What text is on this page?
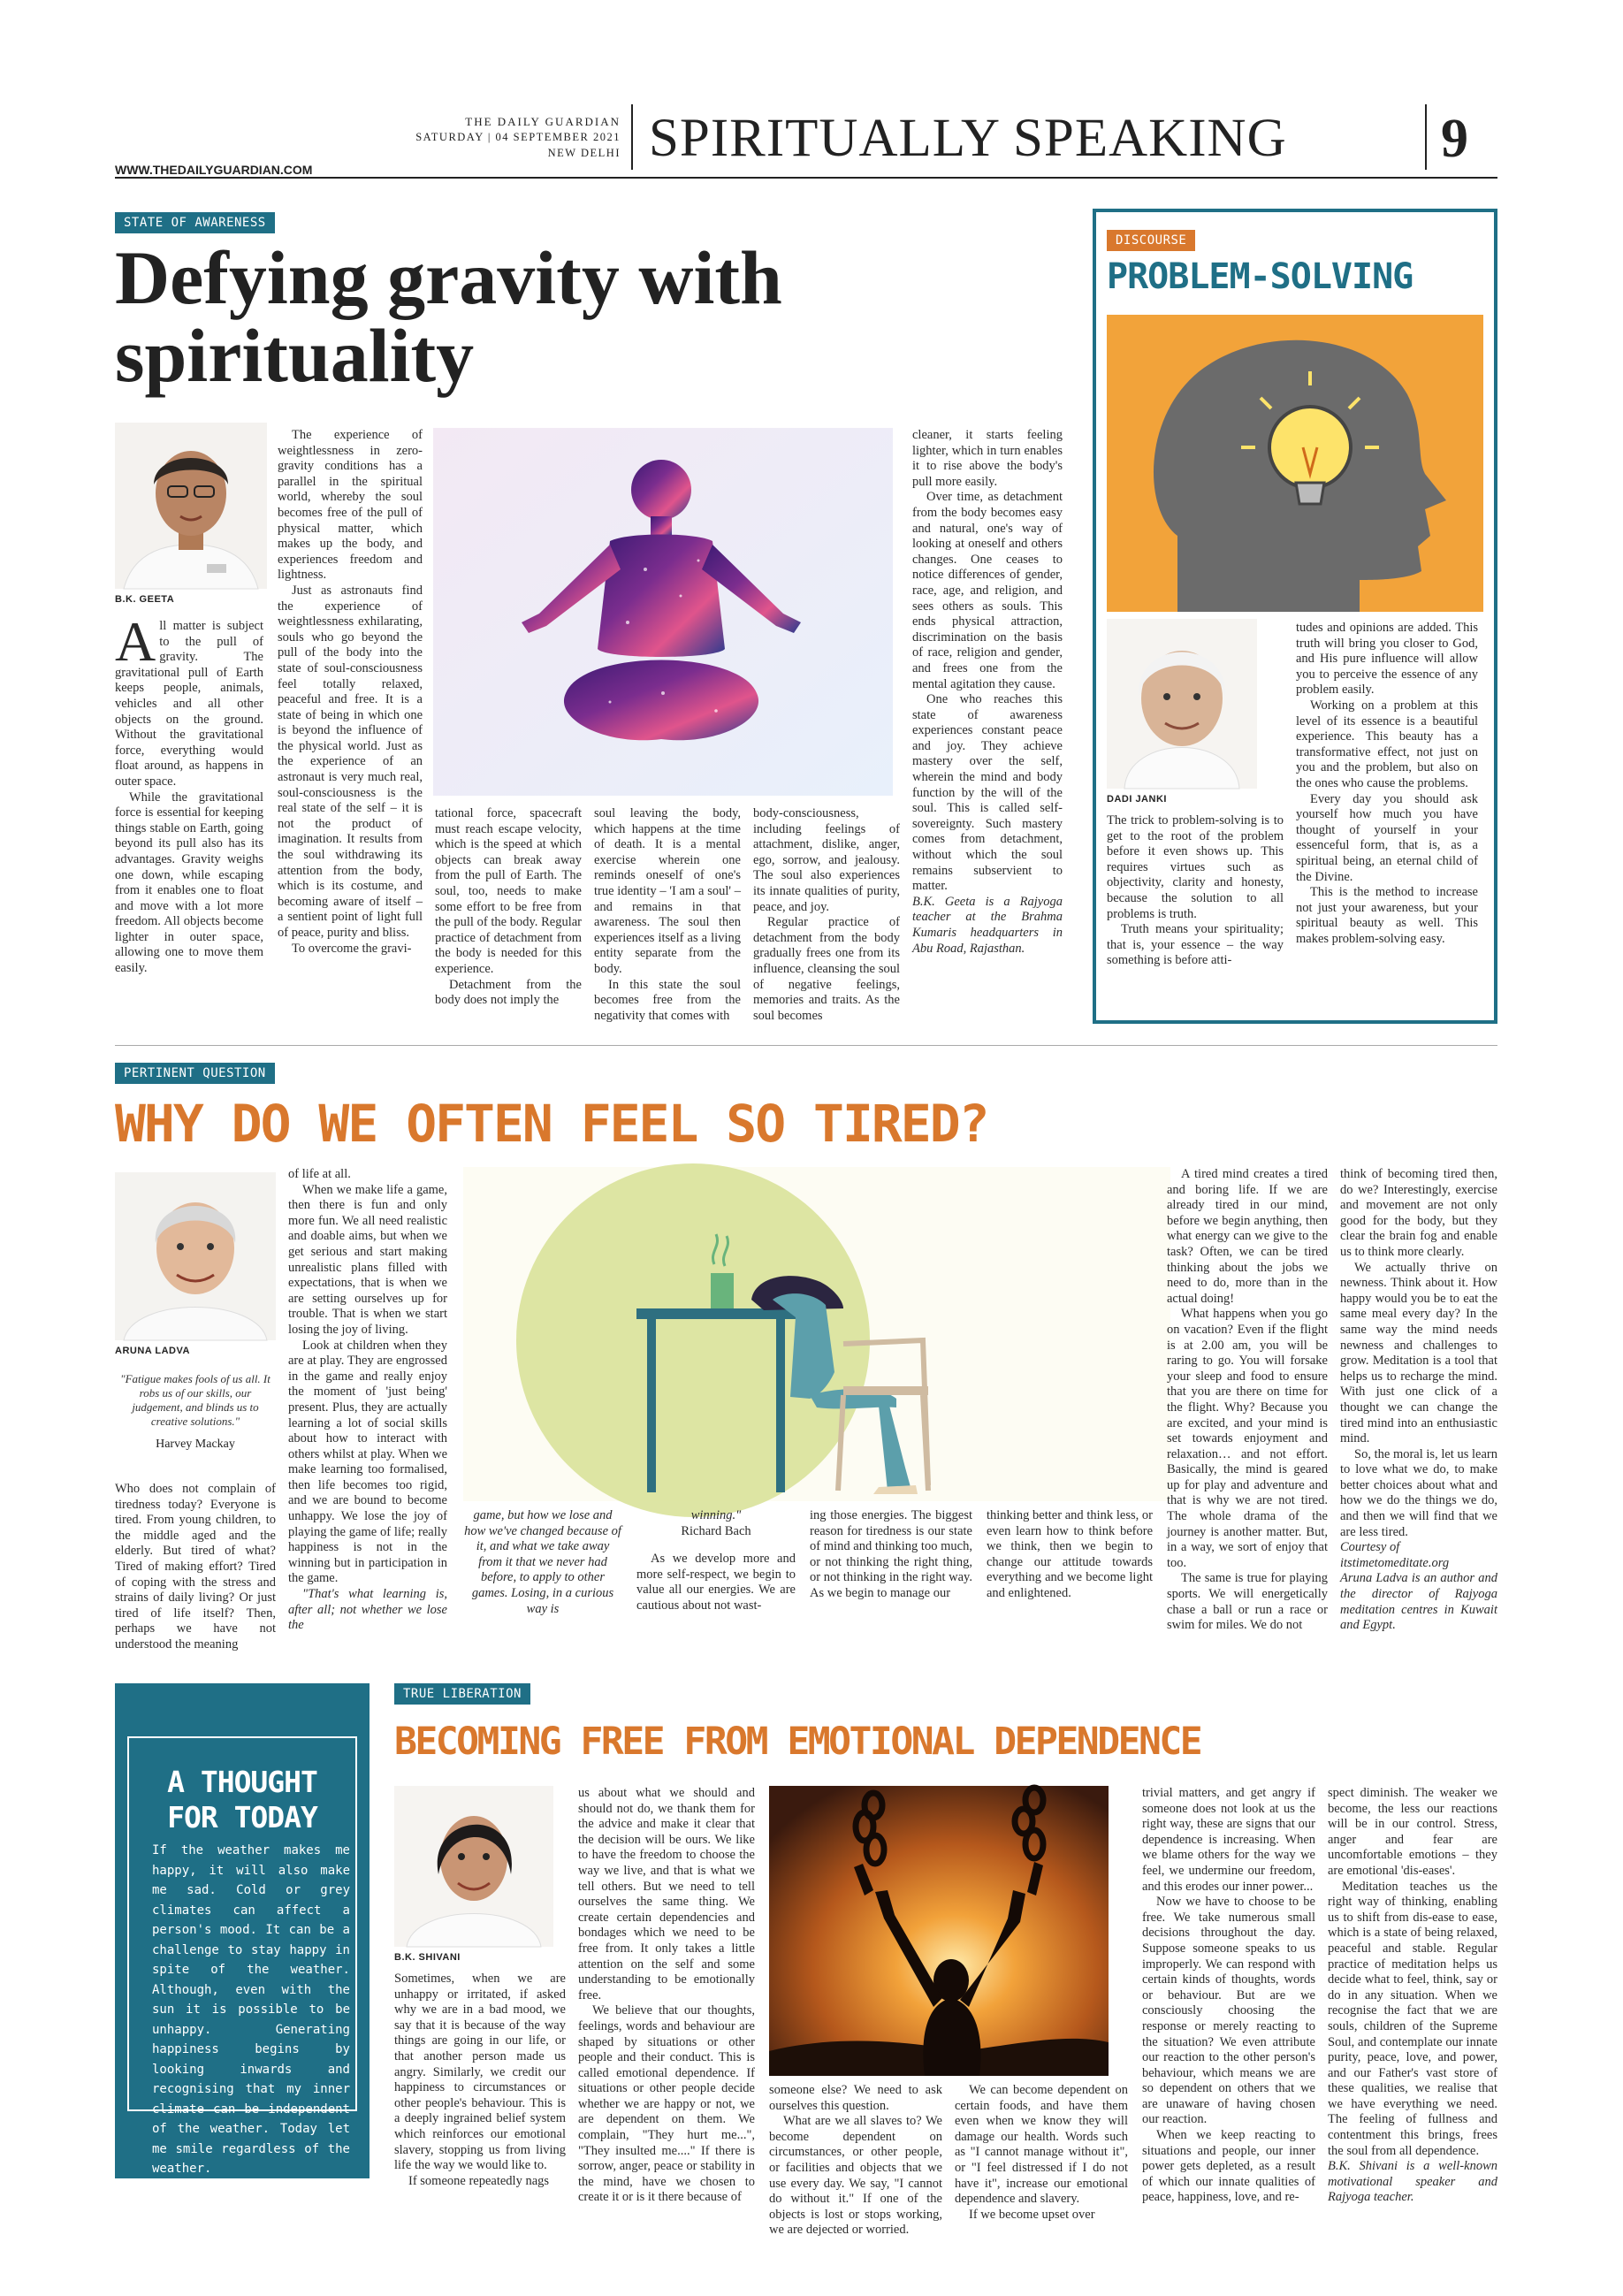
THE DAILY GUARDIAN
SATURDAY | 04 SEPTEMBER 2021
NEW DELHI SPIRITUALLY SPEAKING	9
WWW.THEDAILYGUARDIAN.COM
STATE OF AWARENESS
Defying gravity with
spirituality
B.K. GEETA
All matter is subject to the pull of gravity. The gravitational pull of Earth keeps people, animals, vehicles and all other objects on the ground. Without the gravitational force, everything would float around, as happens in outer space.

While the gravitational force is essential for keeping things stable on Earth, going beyond its pull also has its advantages. Gravity weighs one down, while escaping from it enables one to float and move with a lot more freedom. All objects become lighter in outer space, allowing one to move them easily.

The experience of weightlessness in zero-gravity conditions has a parallel in the spiritual world, whereby the soul becomes free of the pull of physical matter, which makes up the body, and experiences freedom and lightness.

Just as astronauts find the experience of weightlessness exhilarating, souls who go beyond the pull of the body into the state of soul-consciousness feel totally relaxed, peaceful and free. It is a state of being in which one is beyond the influence of the physical world. Just as the experience of an astronaut is very much real, soul-consciousness is the real state of the self – it is not the product of imagination. It results from the soul withdrawing its attention from the body, which is its costume, and becoming aware of itself – a sentient point of light full of peace, purity and bliss.

To overcome the gravi-

tational force, spacecraft must reach escape velocity, which is the speed at which objects can break away from the pull of Earth. The soul, too, needs to make some effort to be free from the pull of the body. Regular practice of detachment from the body is needed for this experience.

Detachment from the body does not imply the

soul leaving the body, which happens at the time of death. It is a mental exercise wherein one reminds oneself of one's true identity – 'I am a soul' – and remains in that awareness. The soul then experiences itself as a living entity separate from the body.

In this state the soul becomes free from the negativity that comes with

body-consciousness, including feelings of attachment, dislike, anger, ego, sorrow, and jealousy. The soul also experiences its innate qualities of purity, peace, and joy.

Regular practice of detachment from the body gradually frees one from its influence, cleansing the soul of negative feelings, memories and traits. As the soul becomes

cleaner, it starts feeling lighter, which in turn enables it to rise above the body's pull more easily.

Over time, as detachment from the body becomes easy and natural, one's way of looking at oneself and others changes. One ceases to notice differences of gender, race, age, and religion, and sees others as souls. This ends physical attraction, discrimination on the basis of race, religion and gender, and frees one from the mental agitation they cause.

One who reaches this state of awareness experiences constant peace and joy. They achieve mastery over the self, wherein the mind and body function by the will of the soul. This is called self-sovereignty. Such mastery comes from detachment, without which the soul remains subservient to matter.

B.K. Geeta is a Rajyoga teacher at the Brahma Kumaris headquarters in Abu Road, Rajasthan.

DISCOURSE
PROBLEM-SOLVING
DADI JANKI

The trick to problem-solving is to get to the root of the problem before it even shows up. This requires virtues such as objectivity, clarity and honesty, because the solution to all problems is truth.

Truth means your spirituality; that is, your essence – the way something is before atti-

tudes and opinions are added. This truth will bring you closer to God, and His pure influence will allow you to perceive the essence of any problem easily.

Working on a problem at this level of its essence is a beautiful experience. This beauty has a transformative effect, not just on you and the problem, but also on the ones who cause the problems.

Every day you should ask yourself how much you have thought of yourself in your essenceful form, that is, as a spiritual being, an eternal child of the Divine.

This is the method to increase not just your awareness, but your spiritual beauty as well. This makes problem-solving easy.

PERTINENT QUESTION
WHY DO WE OFTEN FEEL SO TIRED?
ARUNA LADVA
"Fatigue makes fools of us all. It robs us of our skills, our judgement, and blinds us to creative solutions."
Harvey Mackay

Who does not complain of tiredness today? Everyone is tired. From young children, to the middle aged and the elderly. But tired of what? Tired of making effort? Tired of coping with the stress and strains of daily living? Or just tired of life itself? Then, perhaps we have not understood the meaning

of life at all.

When we make life a game, then there is fun and only more fun. We all need realistic and doable aims, but when we get serious and start making unrealistic plans filled with expectations, that is when we are setting ourselves up for trouble. That is when we start losing the joy of living.

Look at children when they are at play. They are engrossed in the game and really enjoy the moment of 'just being' present. Plus, they are actually learning a lot of social skills about how to interact with others whilst at play. When we make learning too formalised, then life becomes too rigid, and we are bound to become unhappy. We lose the joy of playing the game of life; really happiness is not in the winning but in participation in the game.

"That's what learning is, after all; not whether we lose the

game, but how we lose and how we've changed because of it, and what we take away from it that we never had before, to apply to other games. Losing, in a curious way is

winning."

Richard Bach

As we develop more and more self-respect, we begin to value all our energies. We are cautious about not wast-

ing those energies. The biggest reason for tiredness is our state of mind and thinking too much, or not thinking the right thing, or not thinking in the right way. As we begin to manage our

thinking better and think less, or even learn how to think before we think, then we begin to change our attitude towards everything and we become light and enlightened.

A tired mind creates a tired and boring life. If we are already tired in our mind, before we begin anything, then what energy can we give to the task? Often, we can be tired thinking about the jobs we need to do, more than in the actual doing!

What happens when you go on vacation? Even if the flight is at 2.00 am, you will be raring to go. You will forsake your sleep and food to ensure that you are there on time for the flight. Why? Because you are excited, and your mind is set towards enjoyment and relaxation… and not effort. Basically, the mind is geared up for play and adventure and that is why we are not tired. The whole drama of the journey is another matter. But, in a way, we sort of enjoy that too.

The same is true for playing sports. We will energetically chase a ball or run a race or swim for miles. We do not

think of becoming tired then, do we? Interestingly, exercise and movement are not only good for the body, but they clear the brain fog and enable us to think more clearly.

We actually thrive on newness. Think about it. How happy would you be to eat the same meal every day? In the same way the mind needs newness and challenges to grow. Meditation is a tool that helps us to recharge the mind. With just one click of a thought we can change the tired mind into an enthusiastic mind.

So, the moral is, let us learn to love what we do, to make better choices about what and how we do the things we do, and then we will find that we are less tired.

Courtesy of

itstimetomeditate.org

Aruna Ladva is an author and the director of Rajyoga meditation centres in Kuwait and Egypt.

A THOUGHT
FOR TODAY
If the weather makes me happy, it will also make me sad. Cold or grey climates can affect a person's mood. It can be a challenge to stay happy in spite of the weather. Although, even with the sun it is possible to be unhappy. Generating happiness begins by looking inwards and recognising that my inner climate can be independent of the weather. Today let me smile regardless of the weather.
TRUE LIBERATION
BECOMING FREE FROM EMOTIONAL DEPENDENCE
B.K. SHIVANI

Sometimes, when we are unhappy or irritated, if asked why we are in a bad mood, we say that it is because of the way things are going in our life, or that another person made us angry. Similarly, we credit our happiness to circumstances or other people's behaviour. This is a deeply ingrained belief system which reinforces our emotional slavery, stopping us from living life the way we would like to.

If someone repeatedly nags

us about what we should and should not do, we thank them for the advice and make it clear that the decision will be ours. We like to have the freedom to choose the way we live, and that is what we tell others. But we need to tell ourselves the same thing. We create certain dependencies and bondages which we need to be free from. It only takes a little attention on the self and some understanding to be emotionally free.

We believe that our thoughts, feelings, words and behaviour are shaped by situations or other people and their conduct. This is called emotional dependence. If situations or other people decide whether we are happy or not, we are dependent on them. We complain, "They hurt me...", "They insulted me...." If there is sorrow, anger, peace or stability in the mind, have we chosen to create it or is it there because of

someone else? We need to ask ourselves this question.

What are we all slaves to? We become dependent on circumstances, or other people, or facilities and objects that we use every day. We say, "I cannot do without it." If one of the objects is lost or stops working, we are dejected or worried.

We can become dependent on certain foods, and have them even when we know they will damage our health. Words such as "I cannot manage without it", or "I feel distressed if I do not have it", increase our emotional dependence and slavery.

If we become upset over

trivial matters, and get angry if someone does not look at us the right way, these are signs that our dependence is increasing. When we blame others for the way we feel, we undermine our freedom, and this erodes our inner power...

Now we have to choose to be free. We take numerous small decisions throughout the day. Suppose someone speaks to us improperly. We can respond with certain kinds of thoughts, words or behaviour. But are we consciously choosing the response or merely reacting to the situation? We even attribute our reaction to the other person's behaviour, which means we are so dependent on others that we are unaware of having chosen our reaction.

When we keep reacting to situations and people, our inner power gets depleted, as a result of which our innate qualities of peace, happiness, love, and re-

spect diminish. The weaker we become, the less our reactions will be in our control. Stress, anger and fear are uncomfortable emotions – they are emotional 'dis-eases'.

Meditation teaches us the right way of thinking, enabling us to shift from dis-ease to ease, which is a state of being relaxed, peaceful and stable. Regular practice of meditation helps us decide what to feel, think, say or do in any situation. When we recognise the fact that we are souls, children of the Supreme Soul, and contemplate our innate purity, peace, love, and power, and our Father's vast store of these qualities, we realise that we have everything we need. The feeling of fullness and contentment this brings, frees the soul from all dependence.

B.K. Shivani is a well-known motivational speaker and Rajyoga teacher.
